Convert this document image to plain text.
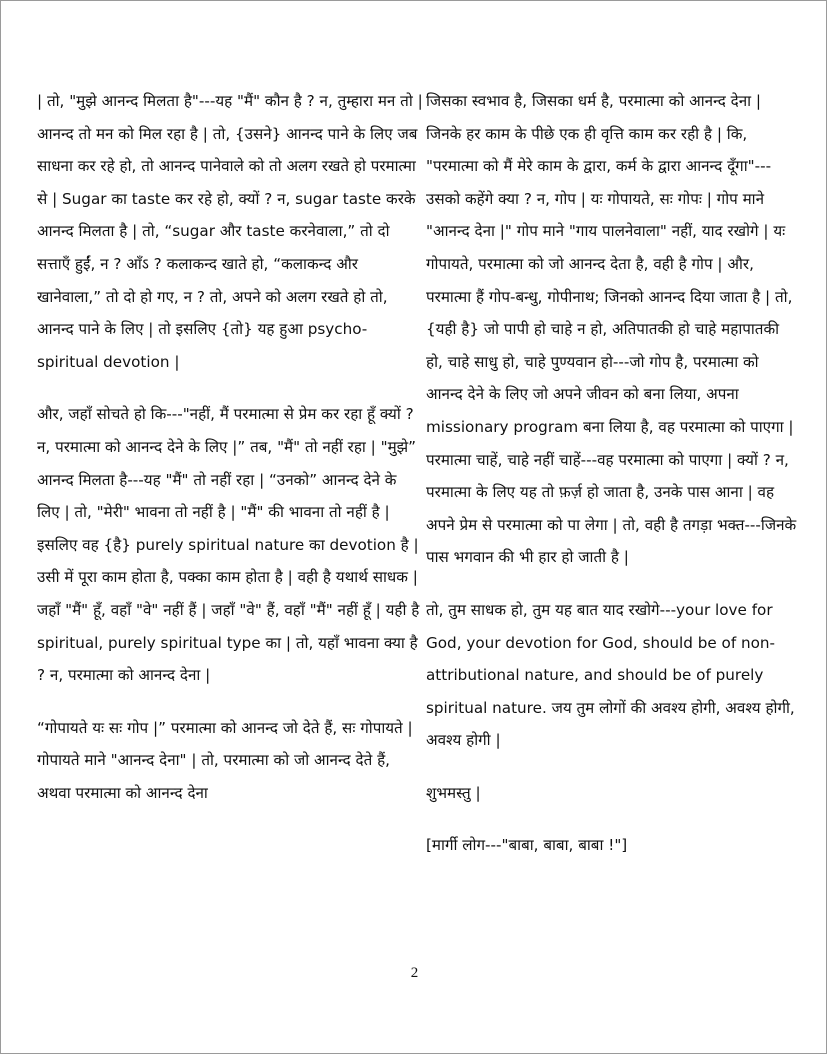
| तो, "मुझे आनन्द मिलता है"---यह "मैं" कौन है ? न, तुम्हारा मन तो | आनन्द तो मन को मिल रहा है | तो, {उसने} आनन्द पाने के लिए जब साधना कर रहे हो, तो आनन्द पानेवाले को तो अलग रखते हो परमात्मा से | Sugar का taste कर रहे हो, क्यों ? न, sugar taste करके आनन्द मिलता है | तो, “sugar और taste करनेवाला,” तो दो सत्ताएँ हुईं, न ? आँऽ ? कलाकन्द खाते हो, “कलाकन्द और खानेवाला,” तो दो हो गए, न ? तो, अपने को अलग रखते हो तो, आनन्द पाने के लिए | तो इसलिए {तो} यह हुआ psycho-spiritual devotion |

और, जहाँ सोचते हो कि---"नहीं, मैं परमात्मा से प्रेम कर रहा हूँ क्यों ? न, परमात्मा को आनन्द देने के लिए |” तब, "मैं" तो नहीं रहा | "मुझे” आनन्द मिलता है---यह "मैं" तो नहीं रहा | “उनको” आनन्द देने के लिए | तो, "मेरी" भावना तो नहीं है | "मैं" की भावना तो नहीं है | इसलिए वह {है} purely spiritual nature का devotion है | उसी में पूरा काम होता है, पक्का काम होता है | वही है यथार्थ साधक | जहाँ "मैं" हूँ, वहाँ "वे" नहीं हैं | जहाँ "वे" हैं, वहाँ "मैं" नहीं हूँ | यही है spiritual, purely spiritual type का | तो, यहाँ भावना क्या है ? न, परमात्मा को आनन्द देना |

“गोपायते यः सः गोप |” परमात्मा को आनन्द जो देते हैं, सः गोपायते | गोपायते माने "आनन्द देना" | तो, परमात्मा को जो आनन्द देते हैं, अथवा परमात्मा को आनन्द देना

जिसका स्वभाव है, जिसका धर्म है, परमात्मा को आनन्द देना | जिनके हर काम के पीछे एक ही वृत्ति काम कर रही है | कि, "परमात्मा को मैं मेरे काम के द्वारा, कर्म के द्वारा आनन्द दूँगा"---उसको कहेंगे क्या ? न, गोप | यः गोपायते, सः गोपः | गोप माने "आनन्द देना |" गोप माने "गाय पालनेवाला" नहीं, याद रखोगे | यः गोपायते, परमात्मा को जो आनन्द देता है, वही है गोप | और, परमात्मा हैं गोप-बन्धु, गोपीनाथ; जिनको आनन्द दिया जाता है | तो, {यही है} जो पापी हो चाहे न हो, अतिपातकी हो चाहे महापातकी हो, चाहे साधु हो, चाहे पुण्यवान हो---जो गोप है, परमात्मा को आनन्द देने के लिए जो अपने जीवन को बना लिया, अपना missionary program बना लिया है, वह परमात्मा को पाएगा | परमात्मा चाहें, चाहे नहीं चाहें---वह परमात्मा को पाएगा | क्यों ? न, परमात्मा के लिए यह तो फ़र्ज़ हो जाता है, उनके पास आना | वह अपने प्रेम से परमात्मा को पा लेगा | तो, वही है तगड़ा भक्त---जिनके पास भगवान की भी हार हो जाती है |

तो, तुम साधक हो, तुम यह बात याद रखोगे---your love for God, your devotion for God, should be of non-attributional nature, and should be of purely spiritual nature. जय तुम लोगों की अवश्य होगी, अवश्य होगी, अवश्य होगी |

शुभमस्तु |

[मार्गी लोग---"बाबा, बाबा, बाबा !"]

2
